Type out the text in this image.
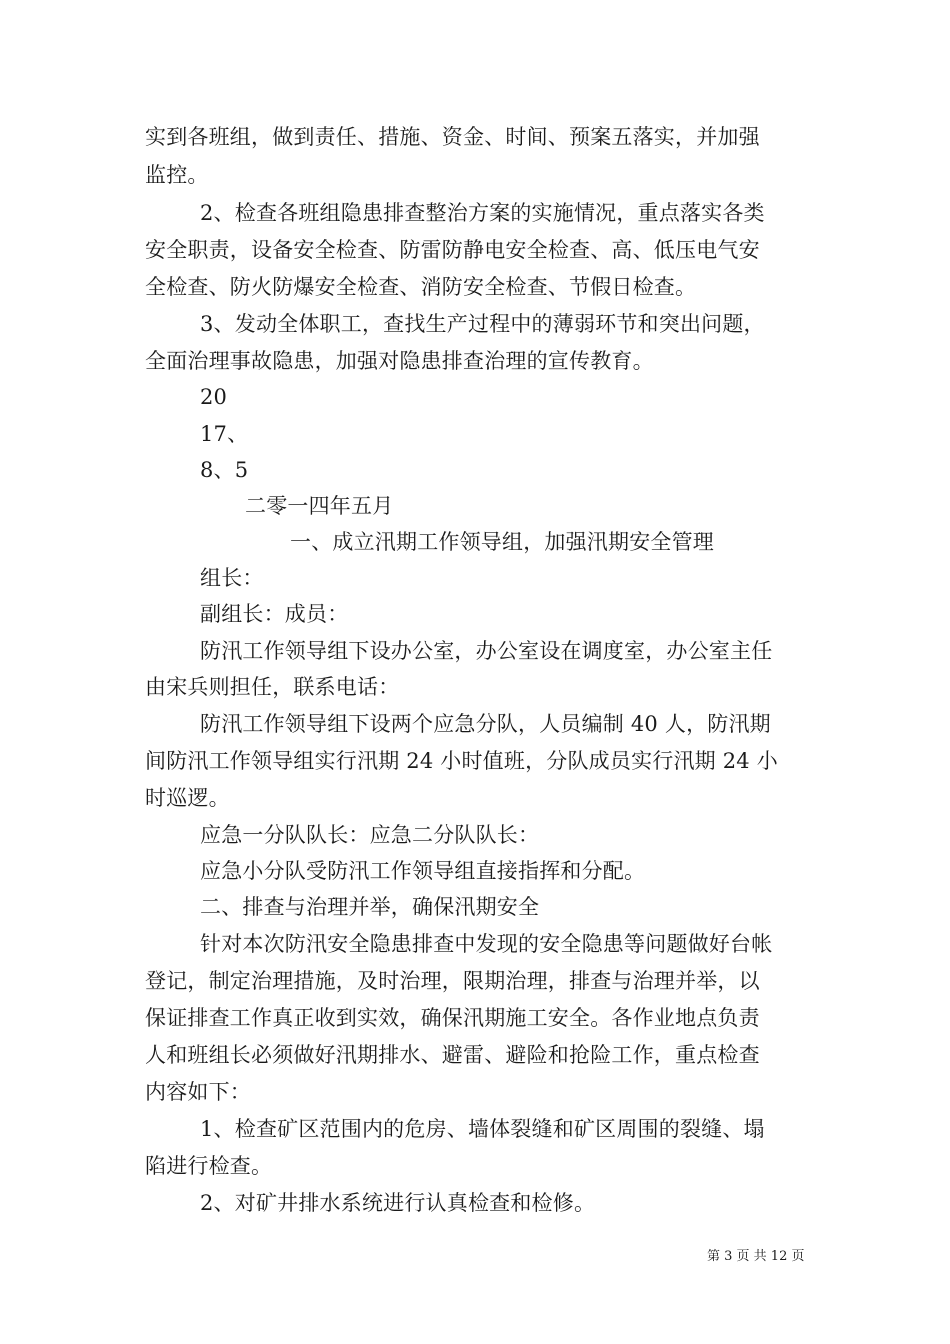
实到各班组，做到责任、措施、资金、时间、预案五落实，并加强
监控。
2、检查各班组隐患排查整治方案的实施情况，重点落实各类
安全职责，设备安全检查、防雷防静电安全检查、高、低压电气安
全检查、防火防爆安全检查、消防安全检查、节假日检查。
3、发动全体职工，查找生产过程中的薄弱环节和突出问题，
全面治理事故隐患，加强对隐患排查治理的宣传教育。
20
17、
8、5
二零一四年五月
一、成立汛期工作领导组，加强汛期安全管理
组长：
副组长：成员：
防汛工作领导组下设办公室，办公室设在调度室，办公室主任
由宋兵则担任，联系电话：
防汛工作领导组下设两个应急分队，人员编制 40 人，防汛期
间防汛工作领导组实行汛期 24 小时值班，分队成员实行汛期 24 小
时巡逻。
应急一分队队长：应急二分队队长：
应急小分队受防汛工作领导组直接指挥和分配。
二、排查与治理并举，确保汛期安全
针对本次防汛安全隐患排查中发现的安全隐患等问题做好台帐
登记，制定治理措施，及时治理，限期治理，排查与治理并举，以
保证排查工作真正收到实效，确保汛期施工安全。各作业地点负责
人和班组长必须做好汛期排水、避雷、避险和抢险工作，重点检查
内容如下：
1、检查矿区范围内的危房、墙体裂缝和矿区周围的裂缝、塌
陷进行检查。
2、对矿井排水系统进行认真检查和检修。
第 3 页 共 12 页
